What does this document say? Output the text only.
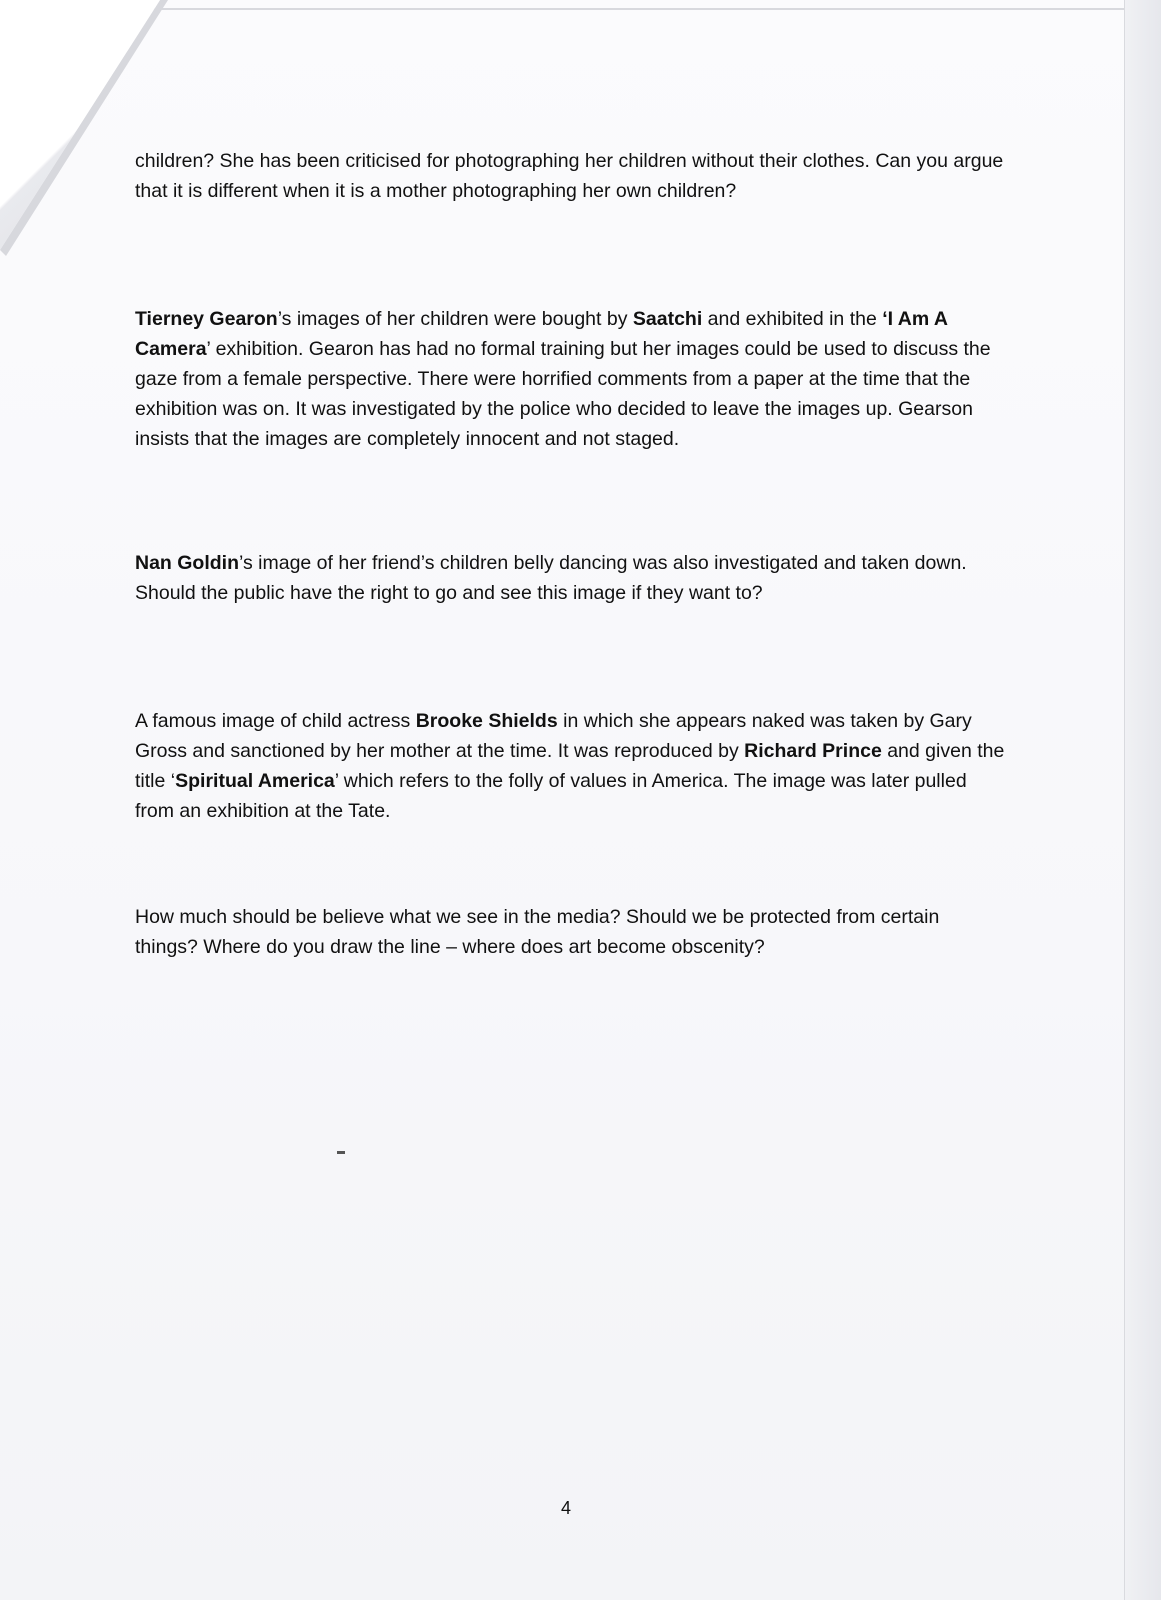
children? She has been criticised for photographing her children without their clothes. Can you argue that it is different when it is a mother photographing her own children?

Tierney Gearon’s images of her children were bought by Saatchi and exhibited in the ‘I Am A Camera’ exhibition. Gearon has had no formal training but her images could be used to discuss the gaze from a female perspective. There were horrified comments from a paper at the time that the exhibition was on. It was investigated by the police who decided to leave the images up. Gearson insists that the images are completely innocent and not staged.

Nan Goldin’s image of her friend’s children belly dancing was also investigated and taken down. Should the public have the right to go and see this image if they want to?

A famous image of child actress Brooke Shields in which she appears naked was taken by Gary Gross and sanctioned by her mother at the time. It was reproduced by Richard Prince and given the title ‘Spiritual America’ which refers to the folly of values in America. The image was later pulled from an exhibition at the Tate.

How much should be believe what we see in the media? Should we be protected from certain things? Where do you draw the line – where does art become obscenity?

4
